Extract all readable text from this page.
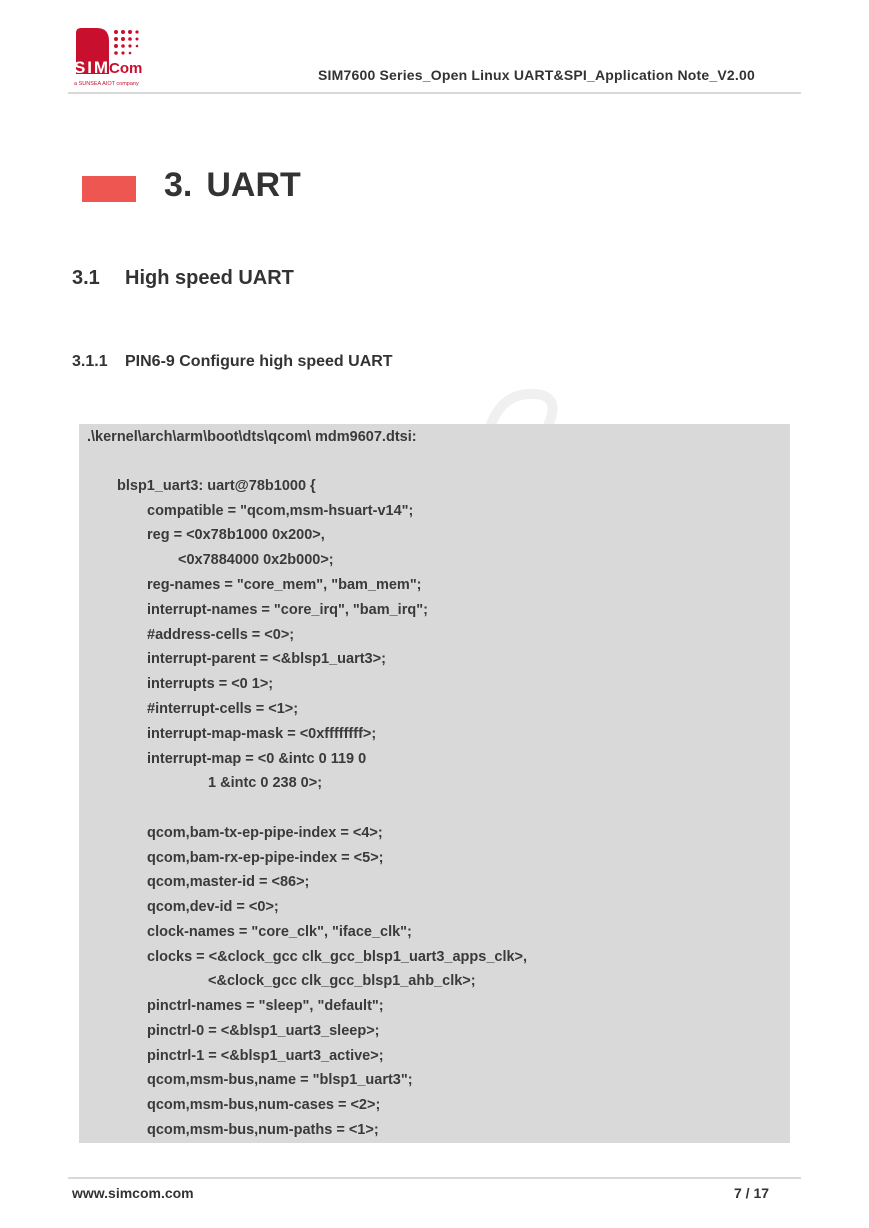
SIM Com
a SUNSEA AIOT company
SIM7600 Series_Open Linux UART&SPI_Application Note_V2.00
3. UART
3.1 High speed UART
3.1.1 PIN6-9 Configure high speed UART
.\kernel\arch\arm\boot\dts\qcom\ mdm9607.dtsi:
blsp1_uart3: uart@78b1000 {
compatible = "qcom,msm-hsuart-v14";
reg = <0x78b1000 0x200>,
<0x7884000 0x2b000>;
reg-names = "core_mem", "bam_mem";
interrupt-names = "core_irq", "bam_irq";
#address-cells = <0>;
interrupt-parent = <&blsp1_uart3>;
interrupts = <0 1>;
#interrupt-cells = <1>;
interrupt-map-mask = <0xffffffff>;
interrupt-map = <0 &intc 0 119 0
1 &intc 0 238 0>;
qcom,bam-tx-ep-pipe-index = <4>;
qcom,bam-rx-ep-pipe-index = <5>;
qcom,master-id = <86>;
qcom,dev-id = <0>;
clock-names = "core_clk", "iface_clk";
clocks = <&clock_gcc clk_gcc_blsp1_uart3_apps_clk>,
<&clock_gcc clk_gcc_blsp1_ahb_clk>;
pinctrl-names = "sleep", "default";
pinctrl-0 = <&blsp1_uart3_sleep>;
pinctrl-1 = <&blsp1_uart3_active>;
qcom,msm-bus,name = "blsp1_uart3";
qcom,msm-bus,num-cases = <2>;
qcom,msm-bus,num-paths = <1>;
www.simcom.com	7 / 17
